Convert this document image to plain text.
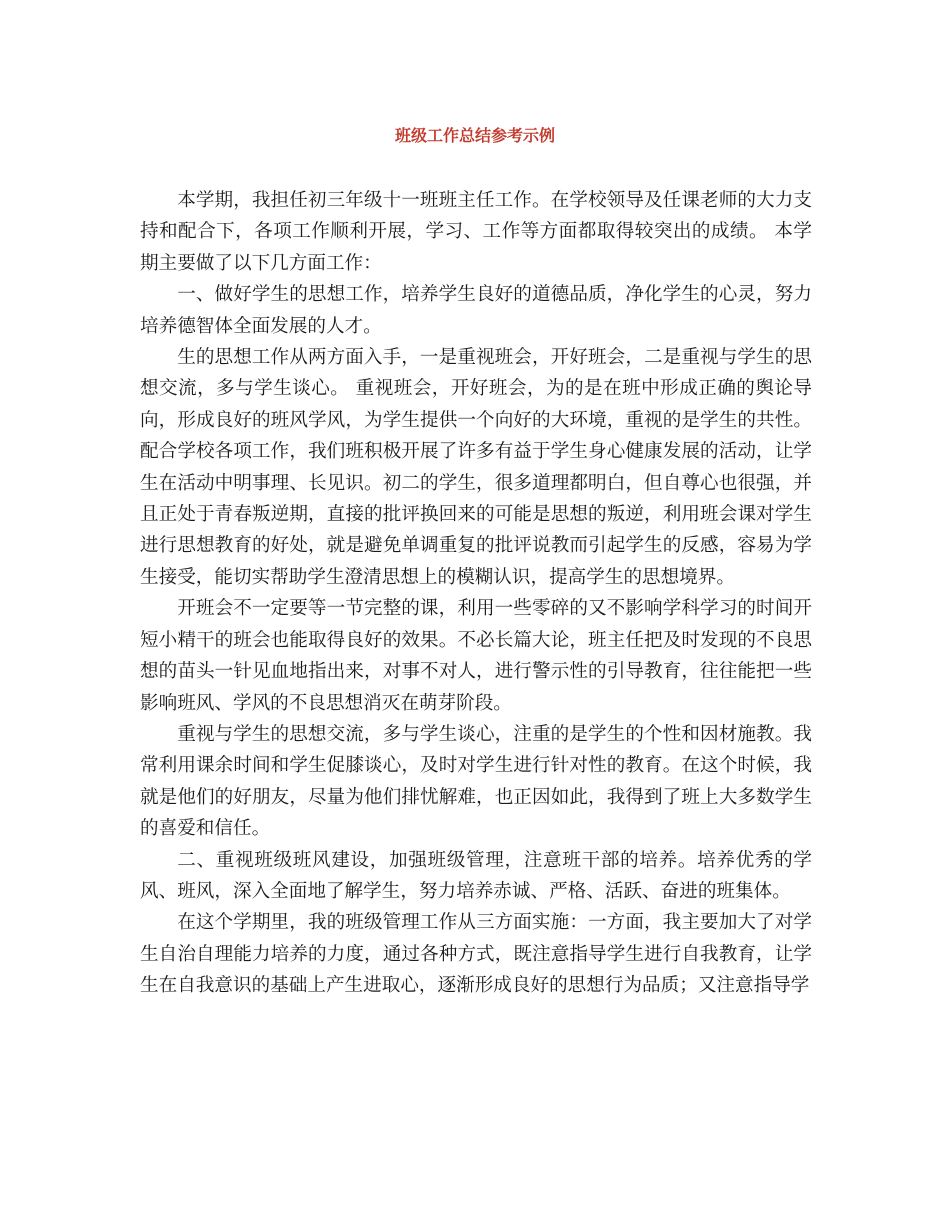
班级工作总结参考示例

本学期，我担任初三年级十一班班主任工作。在学校领导及任课老师的大力支持和配合下，各项工作顺利开展，学习、工作等方面都取得较突出的成绩。 本学期主要做了以下几方面工作：

一、做好学生的思想工作，培养学生良好的道德品质，净化学生的心灵，努力培养德智体全面发展的人才。

生的思想工作从两方面入手，一是重视班会，开好班会，二是重视与学生的思想交流，多与学生谈心。 重视班会，开好班会，为的是在班中形成正确的舆论导向，形成良好的班风学风，为学生提供一个向好的大环境，重视的是学生的共性。配合学校各项工作，我们班积极开展了许多有益于学生身心健康发展的活动，让学生在活动中明事理、长见识。初二的学生，很多道理都明白，但自尊心也很强，并且正处于青春叛逆期，直接的批评换回来的可能是思想的叛逆，利用班会课对学生进行思想教育的好处，就是避免单调重复的批评说教而引起学生的反感，容易为学生接受，能切实帮助学生澄清思想上的模糊认识，提高学生的思想境界。

开班会不一定要等一节完整的课，利用一些零碎的又不影响学科学习的时间开短小精干的班会也能取得良好的效果。不必长篇大论，班主任把及时发现的不良思想的苗头一针见血地指出来，对事不对人，进行警示性的引导教育，往往能把一些影响班风、学风的不良思想消灭在萌芽阶段。

重视与学生的思想交流，多与学生谈心，注重的是学生的个性和因材施教。我常利用课余时间和学生促膝谈心，及时对学生进行针对性的教育。在这个时候，我就是他们的好朋友，尽量为他们排忧解难，也正因如此，我得到了班上大多数学生的喜爱和信任。

二、重视班级班风建设，加强班级管理，注意班干部的培养。培养优秀的学风、班风，深入全面地了解学生，努力培养赤诚、严格、活跃、奋进的班集体。

在这个学期里，我的班级管理工作从三方面实施：一方面，我主要加大了对学生自治自理能力培养的力度，通过各种方式，既注意指导学生进行自我教育，让学生在自我意识的基础上产生进取心，逐渐形成良好的思想行为品质；又注意指导学
